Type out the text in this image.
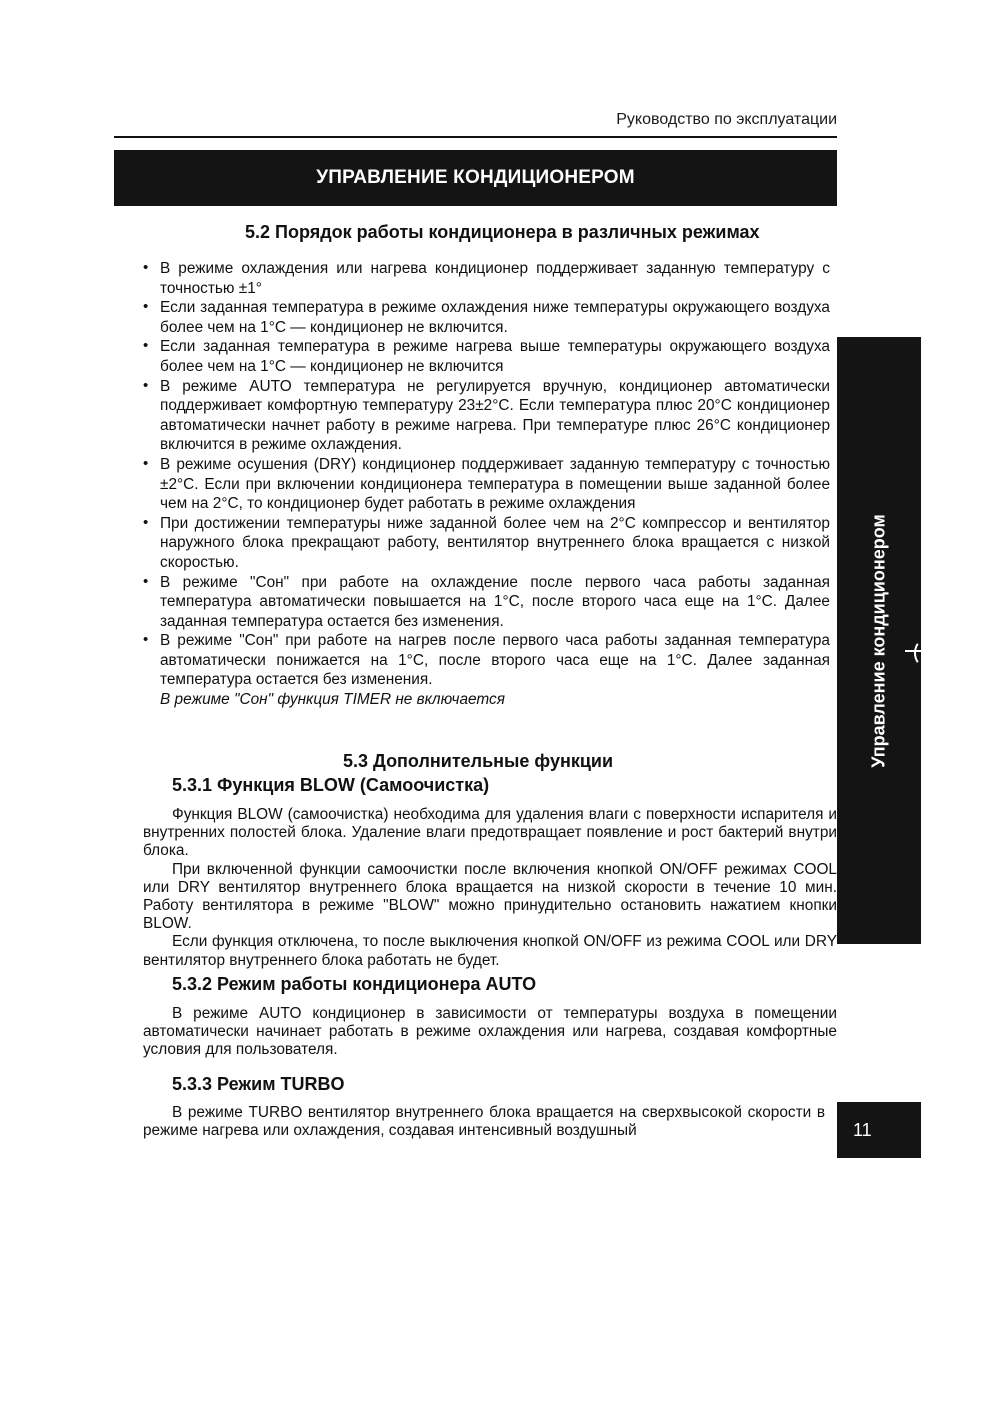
Руководство по эксплуатации
УПРАВЛЕНИЕ КОНДИЦИОНЕРОМ
Управление кондиционером
11
5.2 Порядок работы кондиционера в различных режимах
• В режиме охлаждения или нагрева кондиционер поддерживает заданную температуру с точностью ±1°
• Если заданная температура в режиме охлаждения ниже температуры окружающего воздуха более чем на 1°C — кондиционер не включится.
• Если заданная температура в режиме нагрева выше температуры окружающего воздуха более чем на 1°C — кондиционер не включится
• В режиме AUTO температура не регулируется вручную, кондиционер автоматически поддерживает комфортную температуру 23±2°C. Если температура плюс 20°C кондиционер автоматически начнет работу в режиме нагрева. При температуре плюс 26°C кондиционер включится в режиме охлаждения.
• В режиме осушения (DRY) кондиционер поддерживает заданную температуру с точностью ±2°C. Если при включении кондиционера температура в помещении выше заданной более чем на 2°C, то кондиционер будет работать в режиме охлаждения
• При достижении температуры ниже заданной более чем на 2°C компрессор и вентилятор наружного блока прекращают работу, вентилятор внутреннего блока вращается с низкой скоростью.
• В режиме "Сон" при работе на охлаждение после первого часа работы заданная температура автоматически повышается на 1°C, после второго часа еще на 1°C. Далее заданная температура остается без изменения.
• В режиме "Сон" при работе на нагрев после первого часа работы заданная температура автоматически понижается на 1°C, после второго часа еще на 1°C. Далее заданная температура остается без изменения.
В режиме "Сон" функция TIMER не включается
5.3 Дополнительные функции
5.3.1 Функция BLOW (Самоочистка)

Функция BLOW (самоочистка) необходима для удаления влаги с поверхности испарителя и внутренних полостей блока. Удаление влаги предотвращает появление и рост бактерий внутри блока.

При включенной функции самоочистки после включения кнопкой ON/OFF режимах COOL или DRY вентилятор внутреннего блока вращается на низкой скорости в течение 10 мин. Работу вентилятора в режиме "BLOW" можно принудительно остановить нажатием кнопки BLOW.

Если функция отключена, то после выключения кнопкой ON/OFF из режима COOL или DRY вентилятор внутреннего блока работать не будет.

5.3.2 Режим работы кондиционера AUTO

В режиме AUTO кондиционер в зависимости от температуры воздуха в помещении автоматически начинает работать в режиме охлаждения или нагрева, создавая комфортные условия для пользователя.

5.3.3 Режим TURBO

В режиме TURBO вентилятор внутреннего блока вращается на сверхвысокой скорости в режиме нагрева или охлаждения, создавая интенсивный воздушный
